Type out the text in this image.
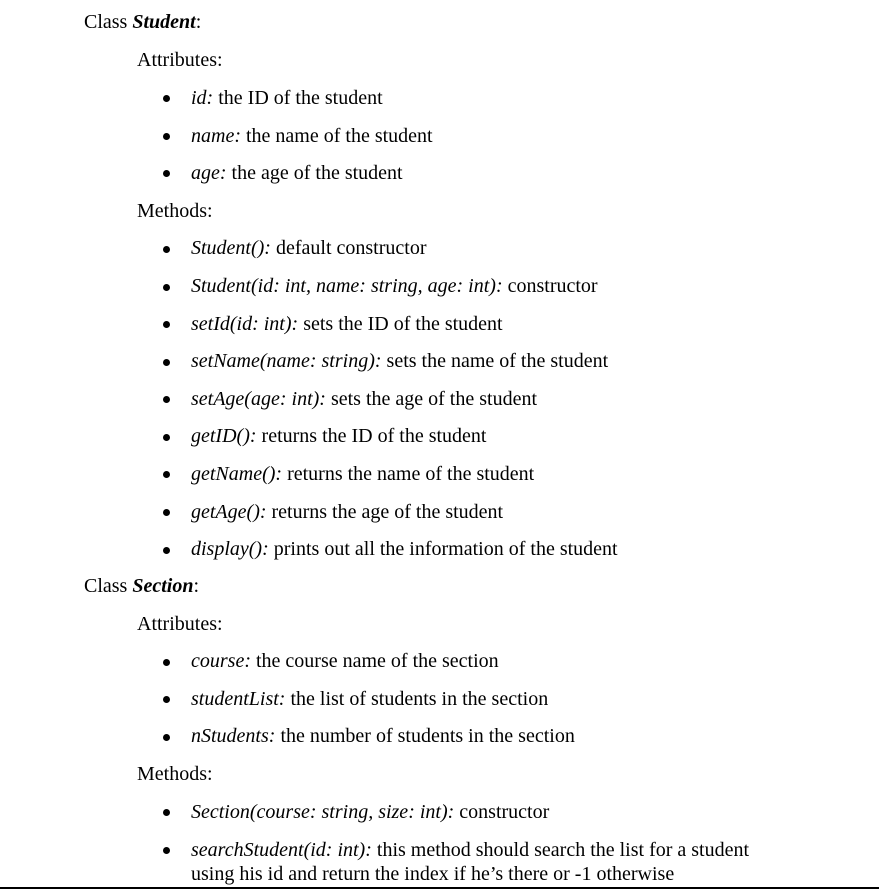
Class Student:
Attributes:
id: the ID of the student
name: the name of the student
age: the age of the student
Methods:
Student(): default constructor
Student(id: int, name: string, age: int): constructor
setId(id: int): sets the ID of the student
setName(name: string): sets the name of the student
setAge(age: int): sets the age of the student
getID(): returns the ID of the student
getName(): returns the name of the student
getAge(): returns the age of the student
display(): prints out all the information of the student
Class Section:
Attributes:
course: the course name of the section
studentList: the list of students in the section
nStudents: the number of students in the section
Methods:
Section(course: string, size: int): constructor
searchStudent(id: int): this method should search the list for a student
using his id and return the index if he’s there or -1 otherwise
